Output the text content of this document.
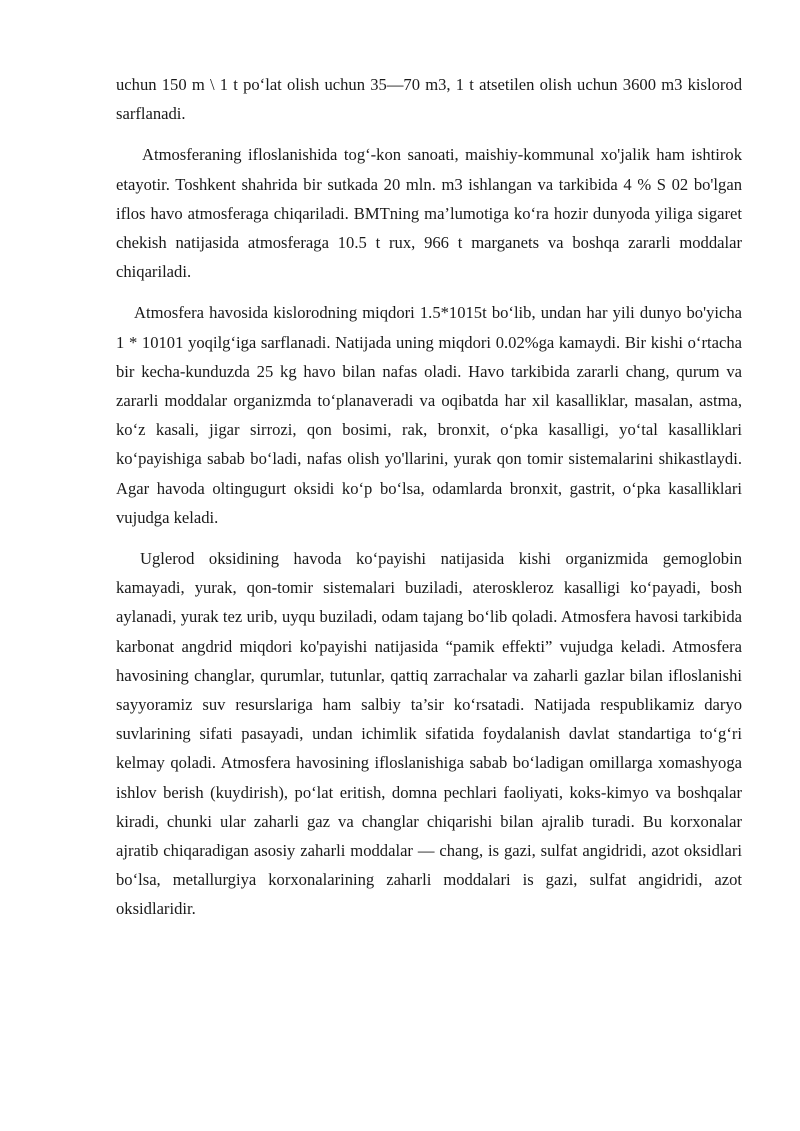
uchun 150 m \ 1 t po‘lat olish uchun 35—70 m3, 1 t atsetilen olish uchun 3600 m3 kislorod sarflanadi.

Atmosferaning ifloslanishida tog‘-kon sanoati, maishiy-kommunal xo'jalik ham ishtirok etayotir. Toshkent shahrida bir sutkada 20 mln. m3 ishlangan va tarkibida 4 % S 02 bo'lgan iflos havo atmosferaga chiqariladi. BMTning ma’lumotiga ko‘ra hozir dunyoda yiliga sigaret chekish natijasida atmosferaga 10.5 t rux, 966 t marganets va boshqa zararli moddalar chiqariladi.

Atmosfera havosida kislorodning miqdori 1.5*1015t bo‘lib, undan har yili dunyo bo'yicha 1 * 10101 yoqilg‘iga sarflanadi. Natijada uning miqdori 0.02%ga kamaydi. Bir kishi o‘rtacha bir kecha-kunduzda 25 kg havo bilan nafas oladi. Havo tarkibida zararli chang, qurum va zararli moddalar organizmda to‘planaveradi va oqibatda har xil kasalliklar, masalan, astma, ko‘z kasali, jigar sirrozi, qon bosimi, rak, bronxit, o‘pka kasalligi, yo‘tal kasalliklari ko‘payishiga sabab bo‘ladi, nafas olish yo'llarini, yurak qon tomir sistemalarini shikastlaydi. Agar havoda oltingugurt oksidi ko‘p bo‘lsa, odamlarda bronxit, gastrit, o‘pka kasalliklari vujudga keladi.

Uglerod oksidining havoda ko‘payishi natijasida kishi organizmida gemoglobin kamayadi, yurak, qon-tomir sistemalari buziladi, ateroskleroz kasalligi ko‘payadi, bosh aylanadi, yurak tez urib, uyqu buziladi, odam tajang bo‘lib qoladi. Atmosfera havosi tarkibida karbonat angdrid miqdori ko'payishi natijasida “pamik effekti” vujudga keladi. Atmosfera havosining changlar, qurumlar, tutunlar, qattiq zarrachalar va zaharli gazlar bilan ifloslanishi sayyoramiz suv resurslariga ham salbiy ta’sir ko‘rsatadi. Natijada respublikamiz daryo suvlarining sifati pasayadi, undan ichimlik sifatida foydalanish davlat standartiga to‘g‘ri kelmay qoladi. Atmosfera havosining ifloslanishiga sabab bo‘ladigan omillarga xomashyoga ishlov berish (kuydirish), po‘lat eritish, domna pechlari faoliyati, koks-kimyo va boshqalar kiradi, chunki ular zaharli gaz va changlar chiqarishi bilan ajralib turadi. Bu korxonalar ajratib chiqaradigan asosiy zaharli moddalar — chang, is gazi, sulfat angidridi, azot oksidlari bo‘lsa, metallurgiya korxonalarining zaharli moddalari is gazi, sulfat angidridi, azot oksidlaridir.
